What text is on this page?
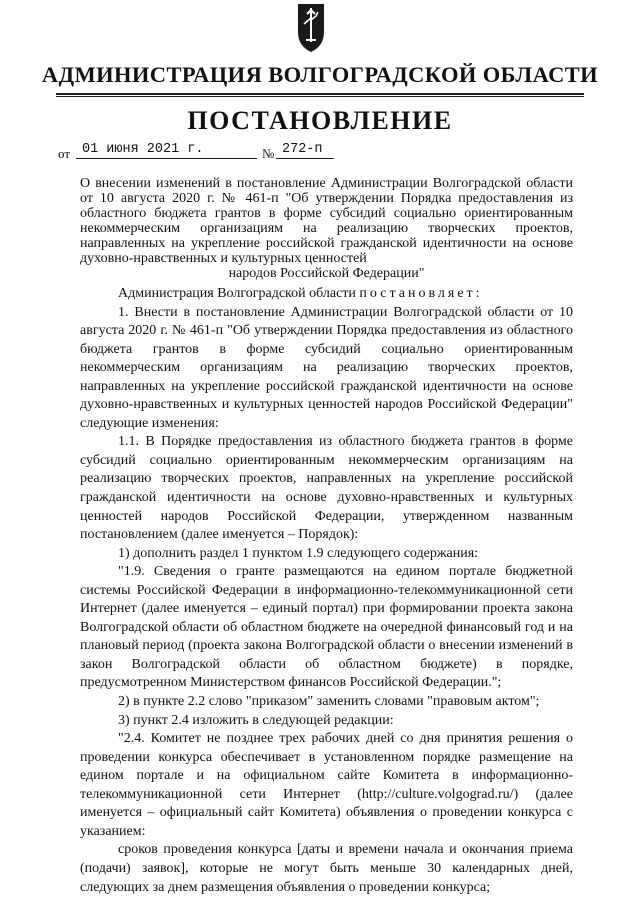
АДМИНИСТРАЦИЯ ВОЛГОГРАДСКОЙ ОБЛАСТИ
ПОСТАНОВЛЕНИЕ
от 01 июня 2021 г.	№ 272-п
О внесении изменений в постановление Администрации Волгоградской области от 10 августа 2020 г. № 461-п "Об утверждении Порядка предоставления из областного бюджета грантов в форме субсидий социально ориентированным некоммерческим организациям на реализацию творческих проектов, направленных на укрепление российской гражданской идентичности на основе духовно-нравственных и культурных ценностей
народов Российской Федерации"

Администрация Волгоградской области постановляет:

1. Внести в постановление Администрации Волгоградской области от 10 августа 2020 г. № 461-п "Об утверждении Порядка предоставления из областного бюджета грантов в форме субсидий социально ориентированным некоммерческим организациям на реализацию творческих проектов, направленных на укрепление российской гражданской идентичности на основе духовно-нравственных и культурных ценностей народов Российской Федерации" следующие изменения:

1.1. В Порядке предоставления из областного бюджета грантов в форме субсидий социально ориентированным некоммерческим организациям на реализацию творческих проектов, направленных на укрепление российской гражданской идентичности на основе духовно-нравственных и культурных ценностей народов Российской Федерации, утвержденном названным постановлением (далее именуется – Порядок):

1) дополнить раздел 1 пунктом 1.9 следующего содержания:

"1.9. Сведения о гранте размещаются на едином портале бюджетной системы Российской Федерации в информационно-телекоммуникационной сети Интернет (далее именуется – единый портал) при формировании проекта закона Волгоградской области об областном бюджете на очередной финансовый год и на плановый период (проекта закона Волгоградской области о внесении изменений в закон Волгоградской области об областном бюджете) в порядке, предусмотренном Министерством финансов Российской Федерации.";

2) в пункте 2.2 слово "приказом" заменить словами "правовым актом";

3) пункт 2.4 изложить в следующей редакции:

"2.4. Комитет не позднее трех рабочих дней со дня принятия решения о проведении конкурса обеспечивает в установленном порядке размещение на едином портале и на официальном сайте Комитета в информационно-телекоммуникационной сети Интернет (http://culture.volgograd.ru/) (далее именуется – официальный сайт Комитета) объявления о проведении конкурса с указанием:

сроков проведения конкурса [даты и времени начала и окончания приема (подачи) заявок], которые не могут быть меньше 30 календарных дней, следующих за днем размещения объявления о проведении конкурса;
